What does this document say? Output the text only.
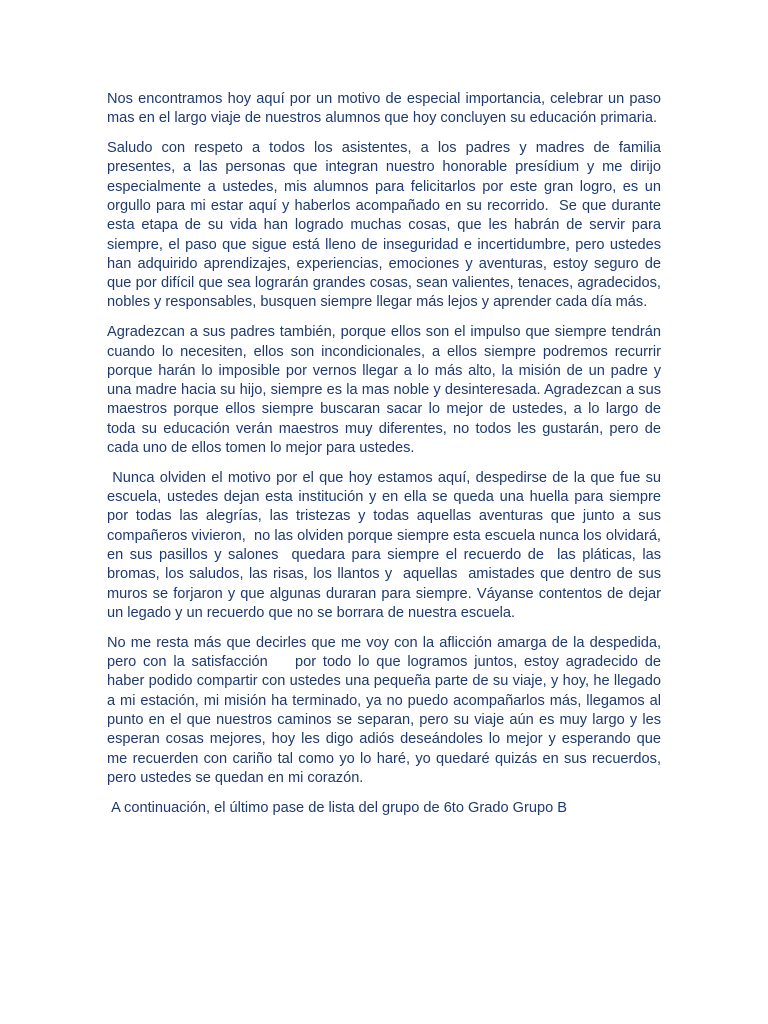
Nos encontramos hoy aquí por un motivo de especial importancia, celebrar un paso mas en el largo viaje de nuestros alumnos que hoy concluyen su educación primaria.

Saludo con respeto a todos los asistentes, a los padres y madres de familia presentes, a las personas que integran nuestro honorable presídium y me dirijo especialmente a ustedes, mis alumnos para felicitarlos por este gran logro, es un orgullo para mi estar aquí y haberlos acompañado en su recorrido.  Se que durante esta etapa de su vida han logrado muchas cosas, que les habrán de servir para siempre, el paso que sigue está lleno de inseguridad e incertidumbre, pero ustedes han adquirido aprendizajes, experiencias, emociones y aventuras, estoy seguro de que por difícil que sea lograrán grandes cosas, sean valientes, tenaces, agradecidos, nobles y responsables, busquen siempre llegar más lejos y aprender cada día más.

Agradezcan a sus padres también, porque ellos son el impulso que siempre tendrán cuando lo necesiten, ellos son incondicionales, a ellos siempre podremos recurrir porque harán lo imposible por vernos llegar a lo más alto, la misión de un padre y una madre hacia su hijo, siempre es la mas noble y desinteresada. Agradezcan a sus maestros porque ellos siempre buscaran sacar lo mejor de ustedes, a lo largo de toda su educación verán maestros muy diferentes, no todos les gustarán, pero de cada uno de ellos tomen lo mejor para ustedes.

Nunca olviden el motivo por el que hoy estamos aquí, despedirse de la que fue su escuela, ustedes dejan esta institución y en ella se queda una huella para siempre por todas las alegrías, las tristezas y todas aquellas aventuras que junto a sus compañeros vivieron,  no las olviden porque siempre esta escuela nunca los olvidará, en sus pasillos y salones  quedara para siempre el recuerdo de  las pláticas, las bromas, los saludos, las risas, los llantos y  aquellas  amistades que dentro de sus muros se forjaron y que algunas duraran para siempre. Váyanse contentos de dejar un legado y un recuerdo que no se borrara de nuestra escuela.

No me resta más que decirles que me voy con la aflicción amarga de la despedida, pero con la satisfacción    por todo lo que logramos juntos, estoy agradecido de haber podido compartir con ustedes una pequeña parte de su viaje, y hoy, he llegado a mi estación, mi misión ha terminado, ya no puedo acompañarlos más, llegamos al punto en el que nuestros caminos se separan, pero su viaje aún es muy largo y les esperan cosas mejores, hoy les digo adiós deseándoles lo mejor y esperando que me recuerden con cariño tal como yo lo haré, yo quedaré quizás en sus recuerdos, pero ustedes se quedan en mi corazón.

A continuación, el último pase de lista del grupo de 6to Grado Grupo B
